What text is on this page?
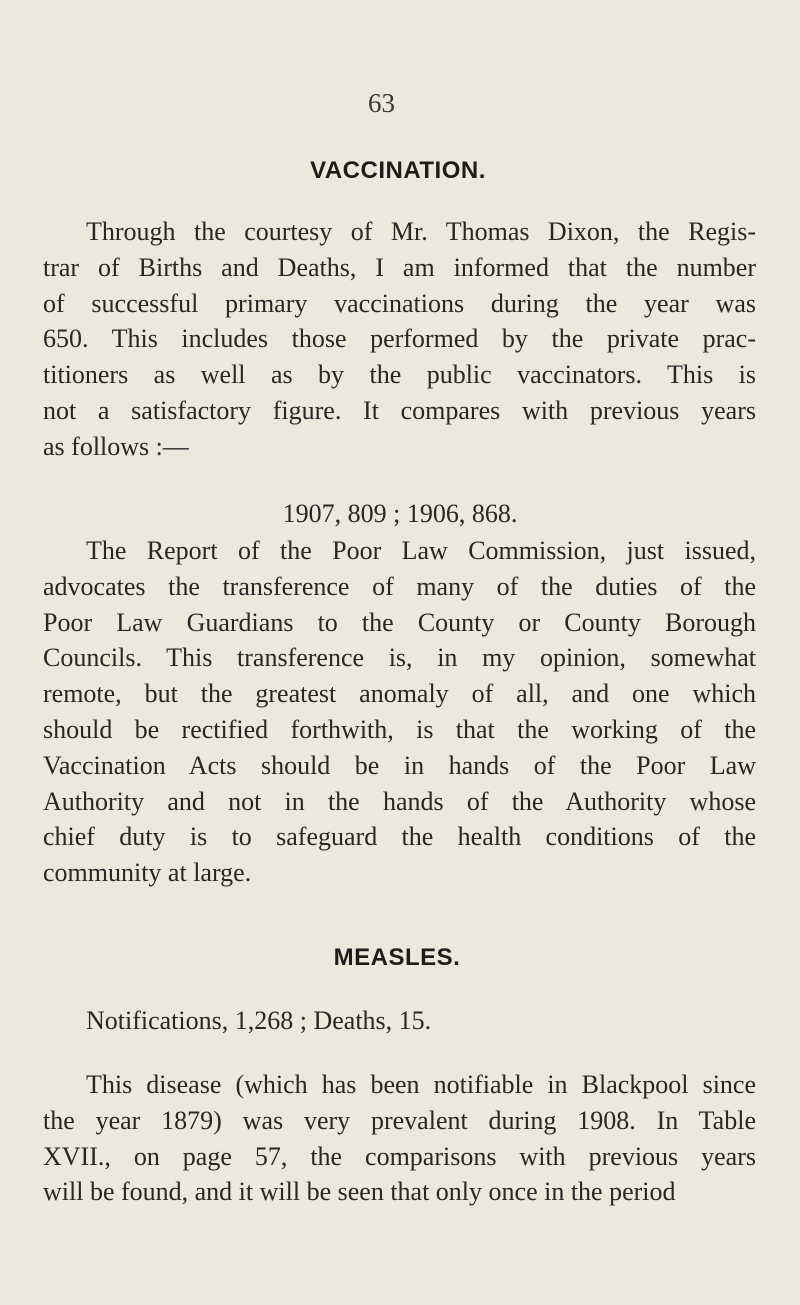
63
VACCINATION.
Through the courtesy of Mr. Thomas Dixon, the Regis-
trar of Births and Deaths, I am informed that the number
of successful primary vaccinations during the year was
650. This includes those performed by the private prac-
titioners as well as by the public vaccinators. This is
not a satisfactory figure. It compares with previous years
as follows :—
1907, 809 ; 1906, 868.
The Report of the Poor Law Commission, just issued,
advocates the transference of many of the duties of the
Poor Law Guardians to the County or County Borough
Councils. This transference is, in my opinion, somewhat
remote, but the greatest anomaly of all, and one which
should be rectified forthwith, is that the working of the
Vaccination Acts should be in hands of the Poor Law
Authority and not in the hands of the Authority whose
chief duty is to safeguard the health conditions of the
community at large.
MEASLES.
Notifications, 1,268 ; Deaths, 15.
This disease (which has been notifiable in Blackpool since
the year 1879) was very prevalent during 1908. In Table
XVII., on page 57, the comparisons with previous years
will be found, and it will be seen that only once in the period
